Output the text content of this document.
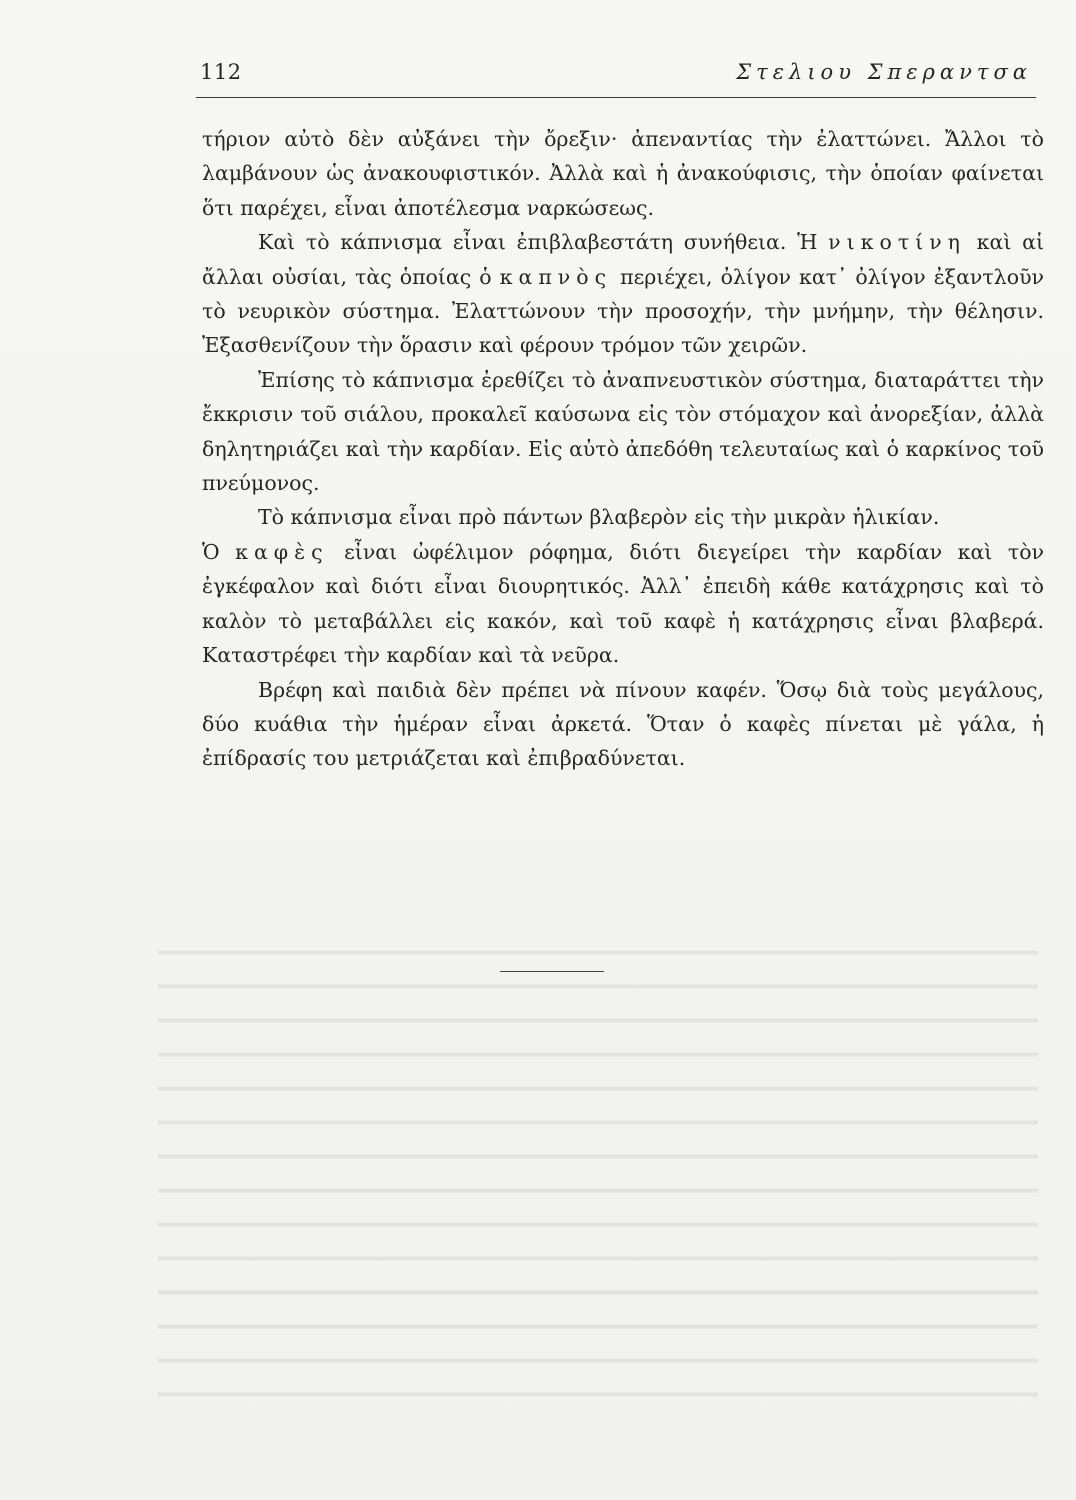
112	Στελιου Σπεραντσα

τήριον αὐτὸ δὲν αὐξάνει τὴν ὄρεξιν· ἀπεναντίας τὴν ἐλαττώνει. Ἄλλοι τὸ λαμβάνουν ὡς ἀνακουφιστικόν. Ἀλλὰ καὶ ἡ ἀνακούφισις, τὴν ὁποίαν φαίνεται ὅτι παρέχει, εἶναι ἀποτέλεσμα ναρκώσεως.

Καὶ τὸ κάπνισμα εἶναι ἐπιβλαβεστάτη συνήθεια. Ἡ νικοτίνη καὶ αἱ ἄλλαι οὐσίαι, τὰς ὁποίας ὁ καπνὸς περιέχει, ὀλίγον κατ᾿ ὀλίγον ἐξαντλοῦν τὸ νευρικὸν σύστημα. Ἐλαττώνουν τὴν προσοχήν, τὴν μνήμην, τὴν θέλησιν. Ἐξασθενίζουν τὴν ὅρασιν καὶ φέρουν τρόμον τῶν χειρῶν.

Ἐπίσης τὸ κάπνισμα ἐρεθίζει τὸ ἀναπνευστικὸν σύστημα, διαταράττει τὴν ἔκκρισιν τοῦ σιάλου, προκαλεῖ καύσωνα εἰς τὸν στόμαχον καὶ ἀνορεξίαν, ἀλλὰ δηλητηριάζει καὶ τὴν καρδίαν. Εἰς αὐτὸ ἀπεδόθη τελευταίως καὶ ὁ καρκίνος τοῦ πνεύμονος.

Τὸ κάπνισμα εἶναι πρὸ πάντων βλαβερὸν εἰς τὴν μικρὰν ἡλικίαν.

Ὁ καφὲς εἶναι ὠφέλιμον ρόφημα, διότι διεγείρει τὴν καρδίαν καὶ τὸν ἐγκέφαλον καὶ διότι εἶναι διουρητικός. Ἀλλ᾿ ἐπειδὴ κάθε κατάχρησις καὶ τὸ καλὸν τὸ μεταβάλλει εἰς κακόν, καὶ τοῦ καφὲ ἡ κατάχρησις εἶναι βλαβερά. Καταστρέφει τὴν καρδίαν καὶ τὰ νεῦρα.

Βρέφη καὶ παιδιὰ δὲν πρέπει νὰ πίνουν καφέν. Ὅσῳ διὰ τοὺς μεγάλους, δύο κυάθια τὴν ἡμέραν εἶναι ἀρκετά. Ὅταν ὁ καφὲς πίνεται μὲ γάλα, ἡ ἐπίδρασίς του μετριάζεται καὶ ἐπιβραδύνεται.
